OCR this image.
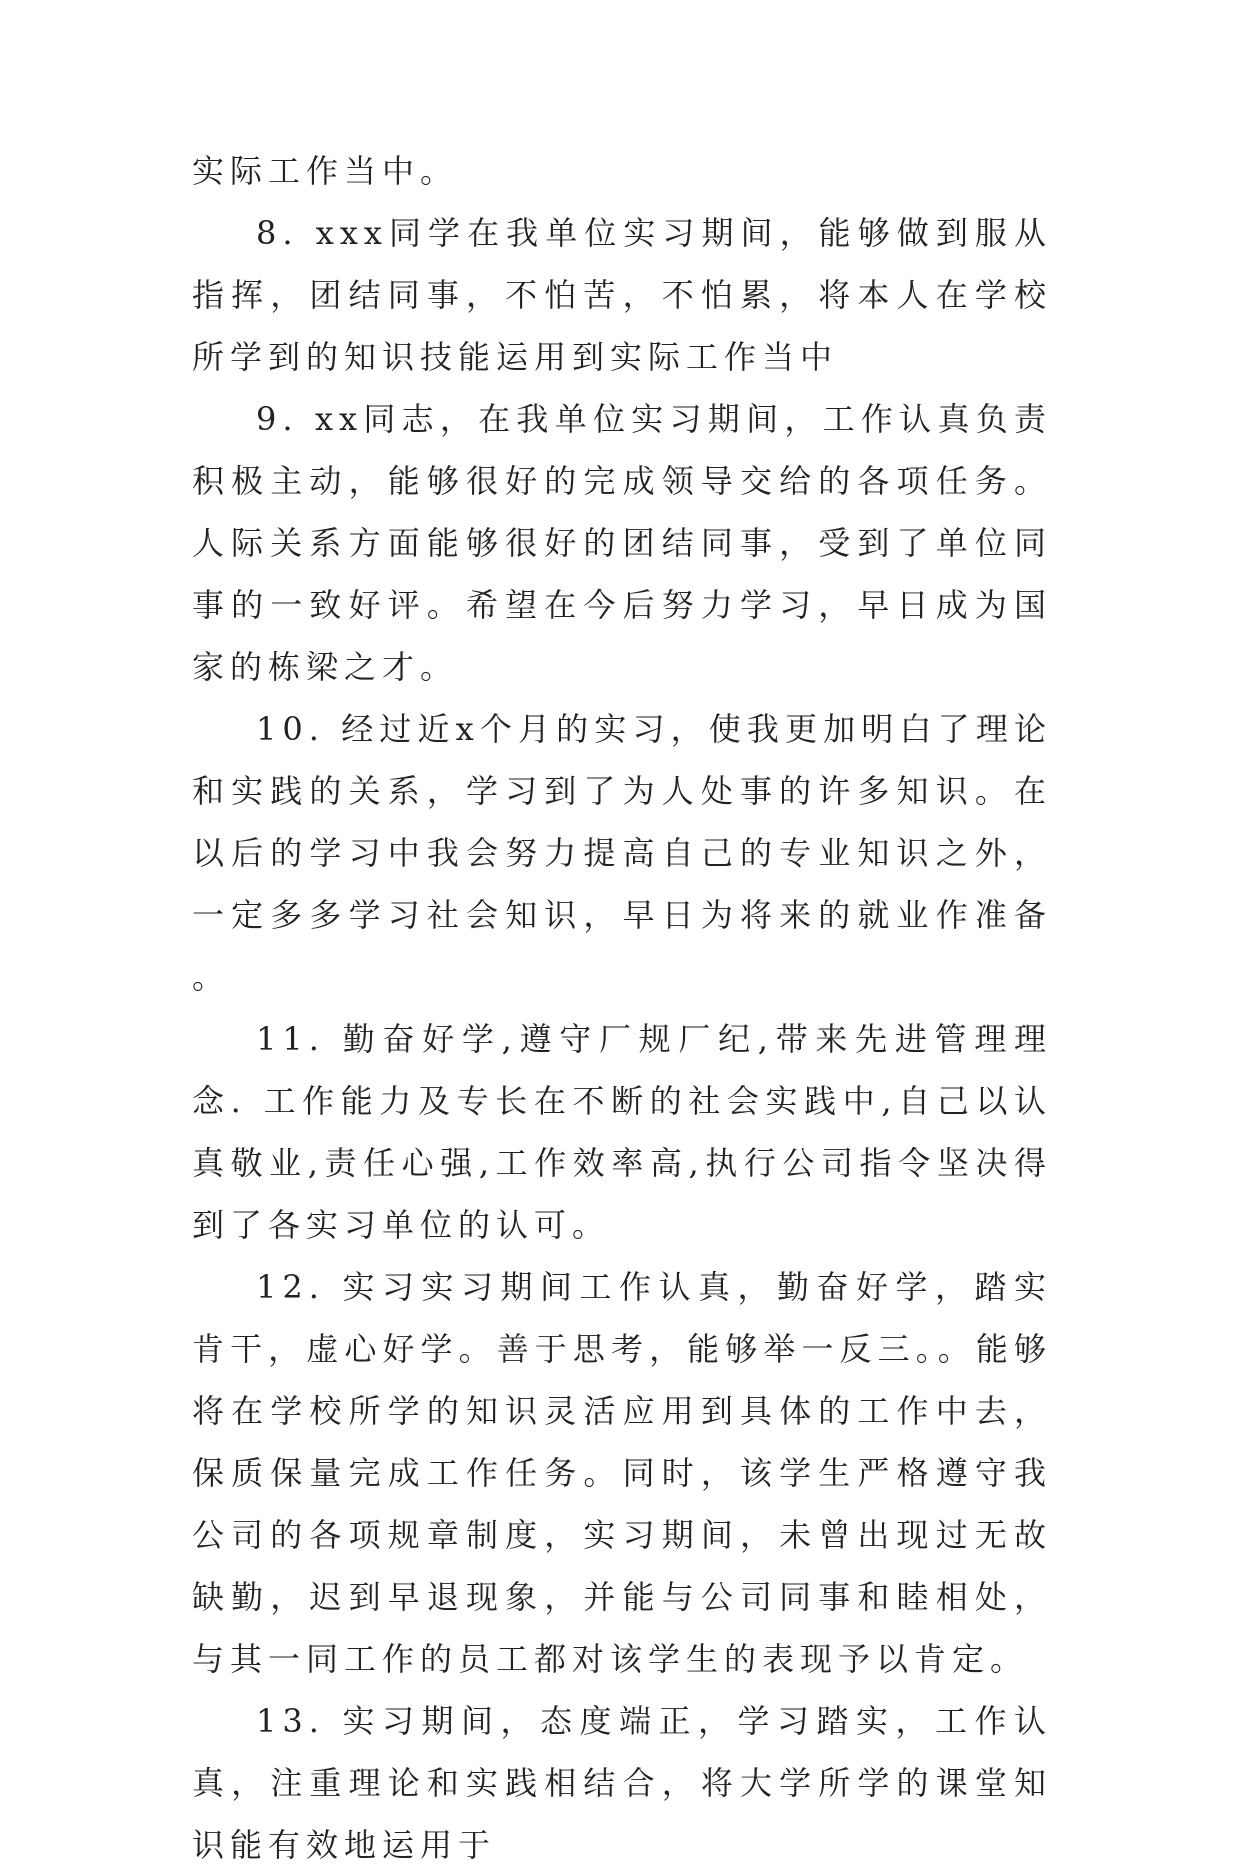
实际工作当中。

8. xxx同学在我单位实习期间，能够做到服从指挥，团结同事，不怕苦，不怕累，将本人在学校所学到的知识技能运用到实际工作当中

9. xx同志，在我单位实习期间，工作认真负责积极主动，能够很好的完成领导交给的各项任务。人际关系方面能够很好的团结同事，受到了单位同事的一致好评。希望在今后努力学习，早日成为国家的栋梁之才。

10. 经过近x个月的实习，使我更加明白了理论和实践的关系，学习到了为人处事的许多知识。在以后的学习中我会努力提高自己的专业知识之外，一定多多学习社会知识，早日为将来的就业作准备。

11. 勤奋好学,遵守厂规厂纪,带来先进管理理念. 工作能力及专长在不断的社会实践中,自己以认真敬业,责任心强,工作效率高,执行公司指令坚决得到了各实习单位的认可。

12. 实习实习期间工作认真，勤奋好学，踏实肯干，虚心好学。善于思考，能够举一反三。。能够将在学校所学的知识灵活应用到具体的工作中去，保质保量完成工作任务。同时，该学生严格遵守我公司的各项规章制度，实习期间，未曾出现过无故缺勤，迟到早退现象，并能与公司同事和睦相处，与其一同工作的员工都对该学生的表现予以肯定。

13. 实习期间，态度端正，学习踏实，工作认真，注重理论和实践相结合，将大学所学的课堂知识能有效地运用于
